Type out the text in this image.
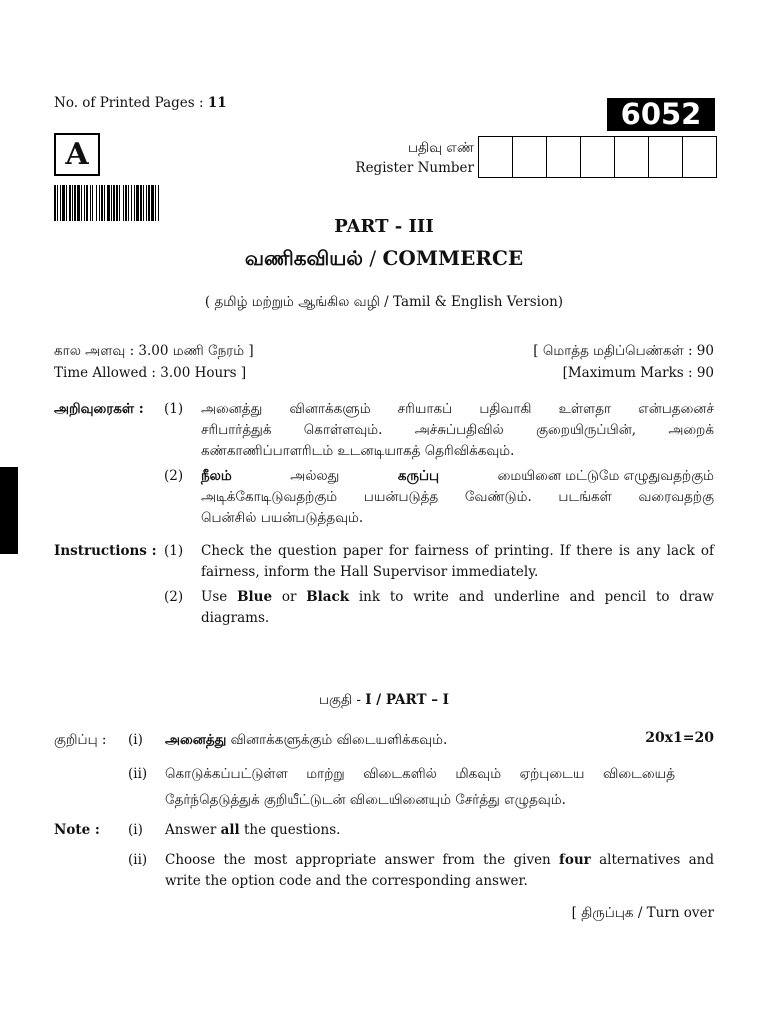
No. of Printed Pages : 11	6052
A	பதிவு எண்
Register Number
PART - III
வணிகவியல் / COMMERCE
( தமிழ் மற்றும் ஆங்கில வழி / Tamil & English Version)
கால அளவு : 3.00 மணி நேரம் ]
Time Allowed : 3.00 Hours ]
[ மொத்த மதிப்பெண்கள் : 90
[Maximum Marks : 90
அறிவுரைகள் : (1) அனைத்து வினாக்களும் சரியாகப் பதிவாகி உள்ளதா என்பதனைச்
சரிபார்த்துக் கொள்ளவும். அச்சுப்பதிவில் குறையிருப்பின், அறைக்
கண்காணிப்பாளரிடம் உடனடியாகத் தெரிவிக்கவும்.
(2) நீலம்	அல்லது	கருப்பு	மையினை மட்டுமே எழுதுவதற்கும்
அடிக்கோடிடுவதற்கும் பயன்படுத்த வேண்டும். படங்கள் வரைவதற்கு
பென்சில் பயன்படுத்தவும்.
Instructions : (1) Check the question paper for fairness of printing. If there is any lack of
fairness, inform the Hall Supervisor immediately.
(2) Use Blue or Black ink to write and underline and pencil to draw
diagrams.
பகுதி - I / PART – I
குறிப்பு : (i) அனைத்து வினாக்களுக்கும் விடையளிக்கவும்.	20x1=20
(ii) கொடுக்கப்பட்டுள்ள மாற்று விடைகளில் மிகவும் ஏற்புடைய விடையைத்
தேர்ந்தெடுத்துக் குறியீட்டுடன் விடையினையும் சேர்த்து எழுதவும்.
Note : (i) Answer all the questions.
(ii) Choose the most appropriate answer from the given four alternatives and
write the option code and the corresponding answer.
[ திருப்புக / Turn over
